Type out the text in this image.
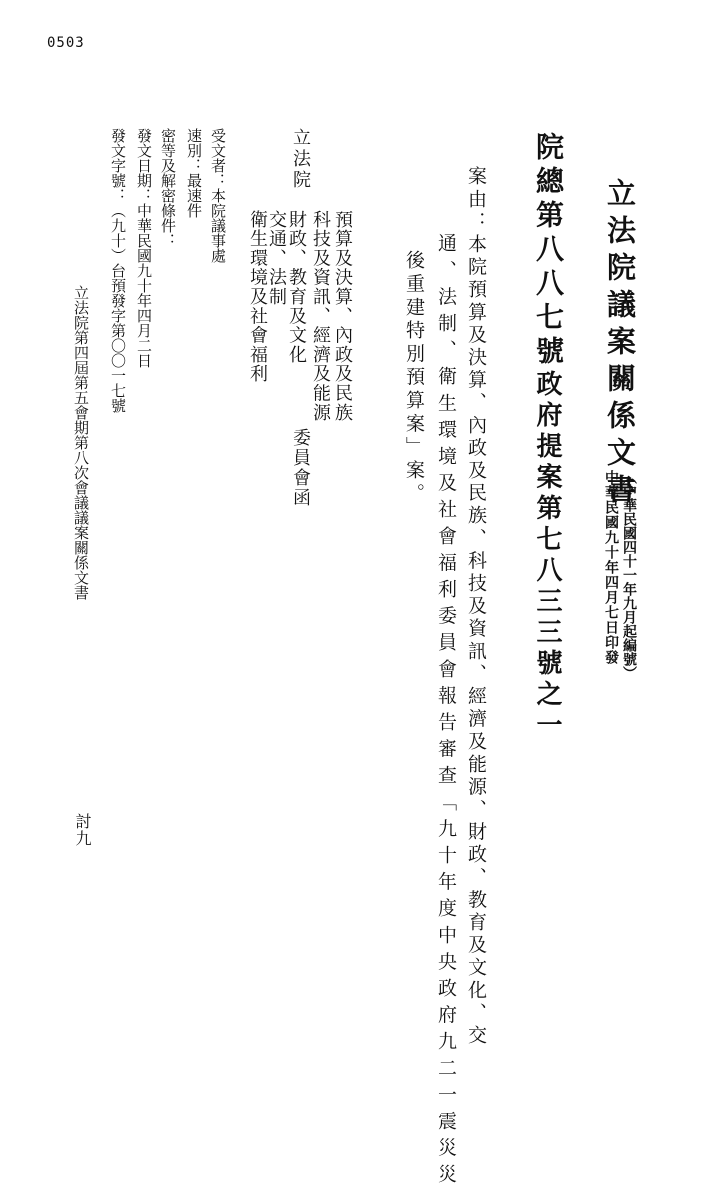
0503
立法院議案關係文書
（中華民國四十一年九月起編號）
中華民國九十年四月七日印發
院總第八八七號
政府提案第七八三三號之一
案由：本院預算及決算、內政及民族、科技及資訊、經濟及能源、財政、教育及文化、交
通、法制、衛生環境及社會福利委員會報告審查「九十年度中央政府九二一震災災
後重建特別預算案」案。
立法院
預算及決算、內政及民族
科技及資訊、經濟及能源
財政、教育及文化
交通、法制
衛生環境及社會福利
委員會函
受文者：本院議事處
速別：最速件
密等及解密條件：
發文日期：中華民國九十年四月二日
發文字號：（九十）台預發字第〇〇一七號
立法院第四屆第五會期第八次會議議案關係文書
討九
